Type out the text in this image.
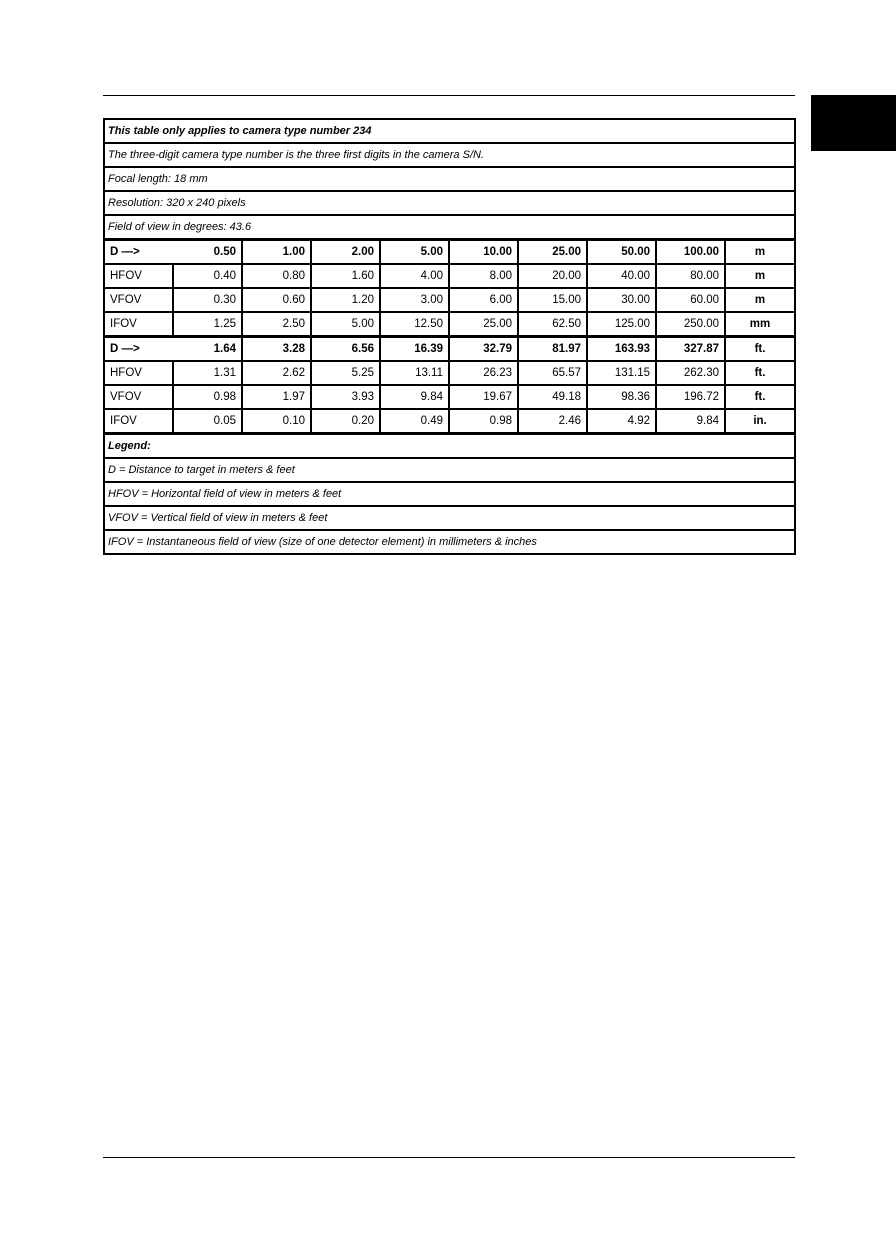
This table only applies to camera type number 234									
The three-digit camera type number is the three first digits in the camera S/N.									
Focal length: 18 mm									
Resolution: 320 x 240 pixels									
Field of view in degrees: 43.6									
D —>	0.50	1.00	2.00	5.00	10.00	25.00	50.00	100.00	m
HFOV	0.40	0.80	1.60	4.00	8.00	20.00	40.00	80.00	m
VFOV	0.30	0.60	1.20	3.00	6.00	15.00	30.00	60.00	m
IFOV	1.25	2.50	5.00	12.50	25.00	62.50	125.00	250.00	mm
D —>	1.64	3.28	6.56	16.39	32.79	81.97	163.93	327.87	ft.
HFOV	1.31	2.62	5.25	13.11	26.23	65.57	131.15	262.30	ft.
VFOV	0.98	1.97	3.93	9.84	19.67	49.18	98.36	196.72	ft.
IFOV	0.05	0.10	0.20	0.49	0.98	2.46	4.92	9.84	in.
Legend:									
D = Distance to target in meters & feet									
HFOV = Horizontal field of view in meters & feet									
VFOV = Vertical field of view in meters & feet									
IFOV = Instantaneous field of view (size of one detector element) in millimeters & inches									
